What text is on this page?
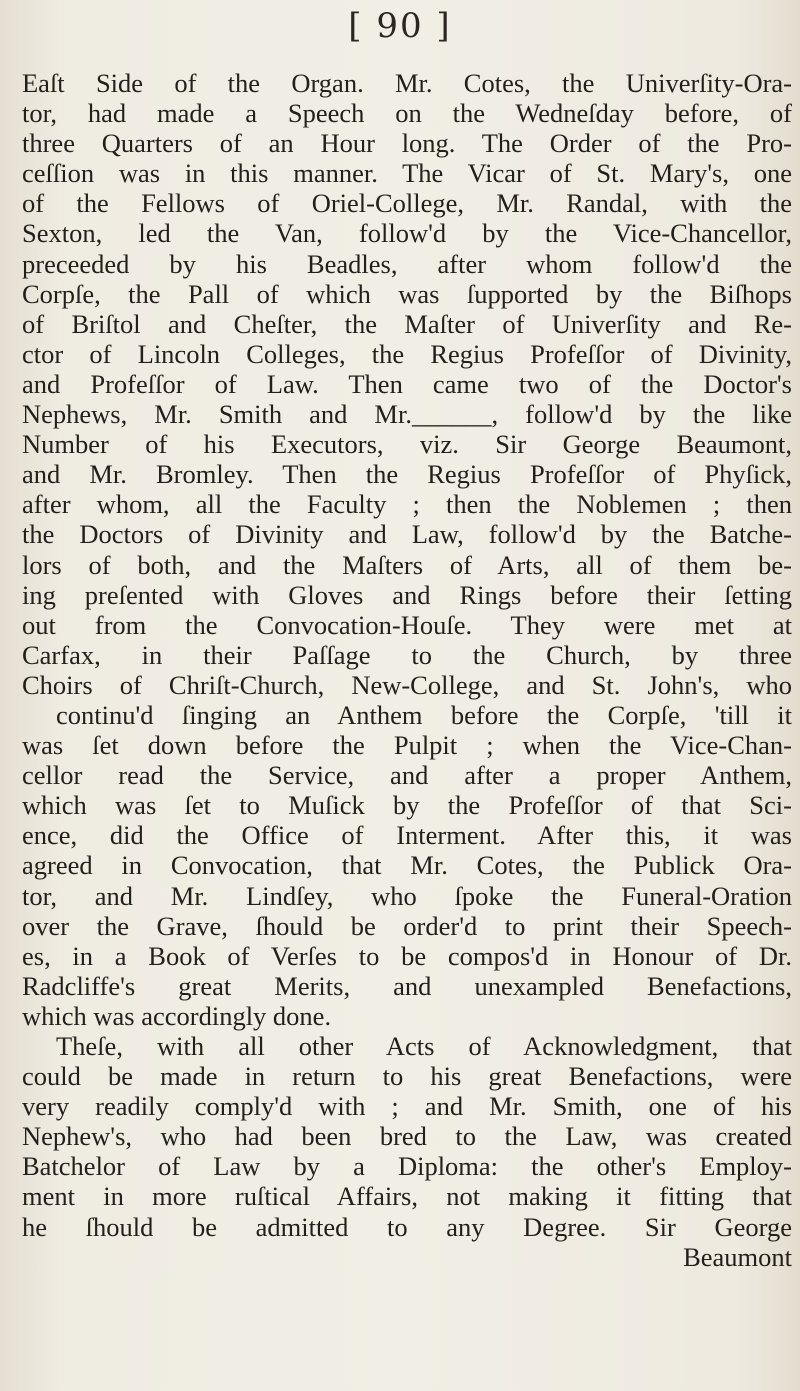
[ 90 ]
Eaſt Side of the Organ. Mr. Cotes, the Univerſity-Ora-
tor, had made a Speech on the Wedneſday before, of
three Quarters of an Hour long. The Order of the Pro-
ceſſion was in this manner. The Vicar of St. Mary's, one
of the Fellows of Oriel-College, Mr. Randal, with the
Sexton, led the Van, follow'd by the Vice-Chancellor,
preceeded by his Beadles, after whom follow'd the
Corpſe, the Pall of which was ſupported by the Biſhops
of Briſtol and Cheſter, the Maſter of Univerſity and Re-
ctor of Lincoln Colleges, the Regius Profeſſor of Divinity,
and Profeſſor of Law. Then came two of the Doctor's
Nephews, Mr. Smith and Mr.______, follow'd by the like
Number of his Executors, viz. Sir George Beaumont,
and Mr. Bromley. Then the Regius Profeſſor of Phyſick,
after whom, all the Faculty ; then the Noblemen ; then
the Doctors of Divinity and Law, follow'd by the Batche-
lors of both, and the Maſters of Arts, all of them be-
ing preſented with Gloves and Rings before their ſetting
out from the Convocation-Houſe. They were met at
Carfax, in their Paſſage to the Church, by three
Choirs of Chriſt-Church, New-College, and St. John's, who
continu'd ſinging an Anthem before the Corpſe, 'till it
was ſet down before the Pulpit ; when the Vice-Chan-
cellor read the Service, and after a proper Anthem,
which was ſet to Muſick by the Profeſſor of that Sci-
ence, did the Office of Interment. After this, it was
agreed in Convocation, that Mr. Cotes, the Publick Ora-
tor, and Mr. Lindſey, who ſpoke the Funeral-Oration
over the Grave, ſhould be order'd to print their Speech-
es, in a Book of Verſes to be compos'd in Honour of Dr.
Radcliffe's great Merits, and unexampled Benefactions,
which was accordingly done.
Theſe, with all other Acts of Acknowledgment, that
could be made in return to his great Benefactions, were
very readily comply'd with ; and Mr. Smith, one of his
Nephew's, who had been bred to the Law, was created
Batchelor of Law by a Diploma: the other's Employ-
ment in more ruſtical Affairs, not making it fitting that
he ſhould be admitted to any Degree. Sir George
Beaumont
